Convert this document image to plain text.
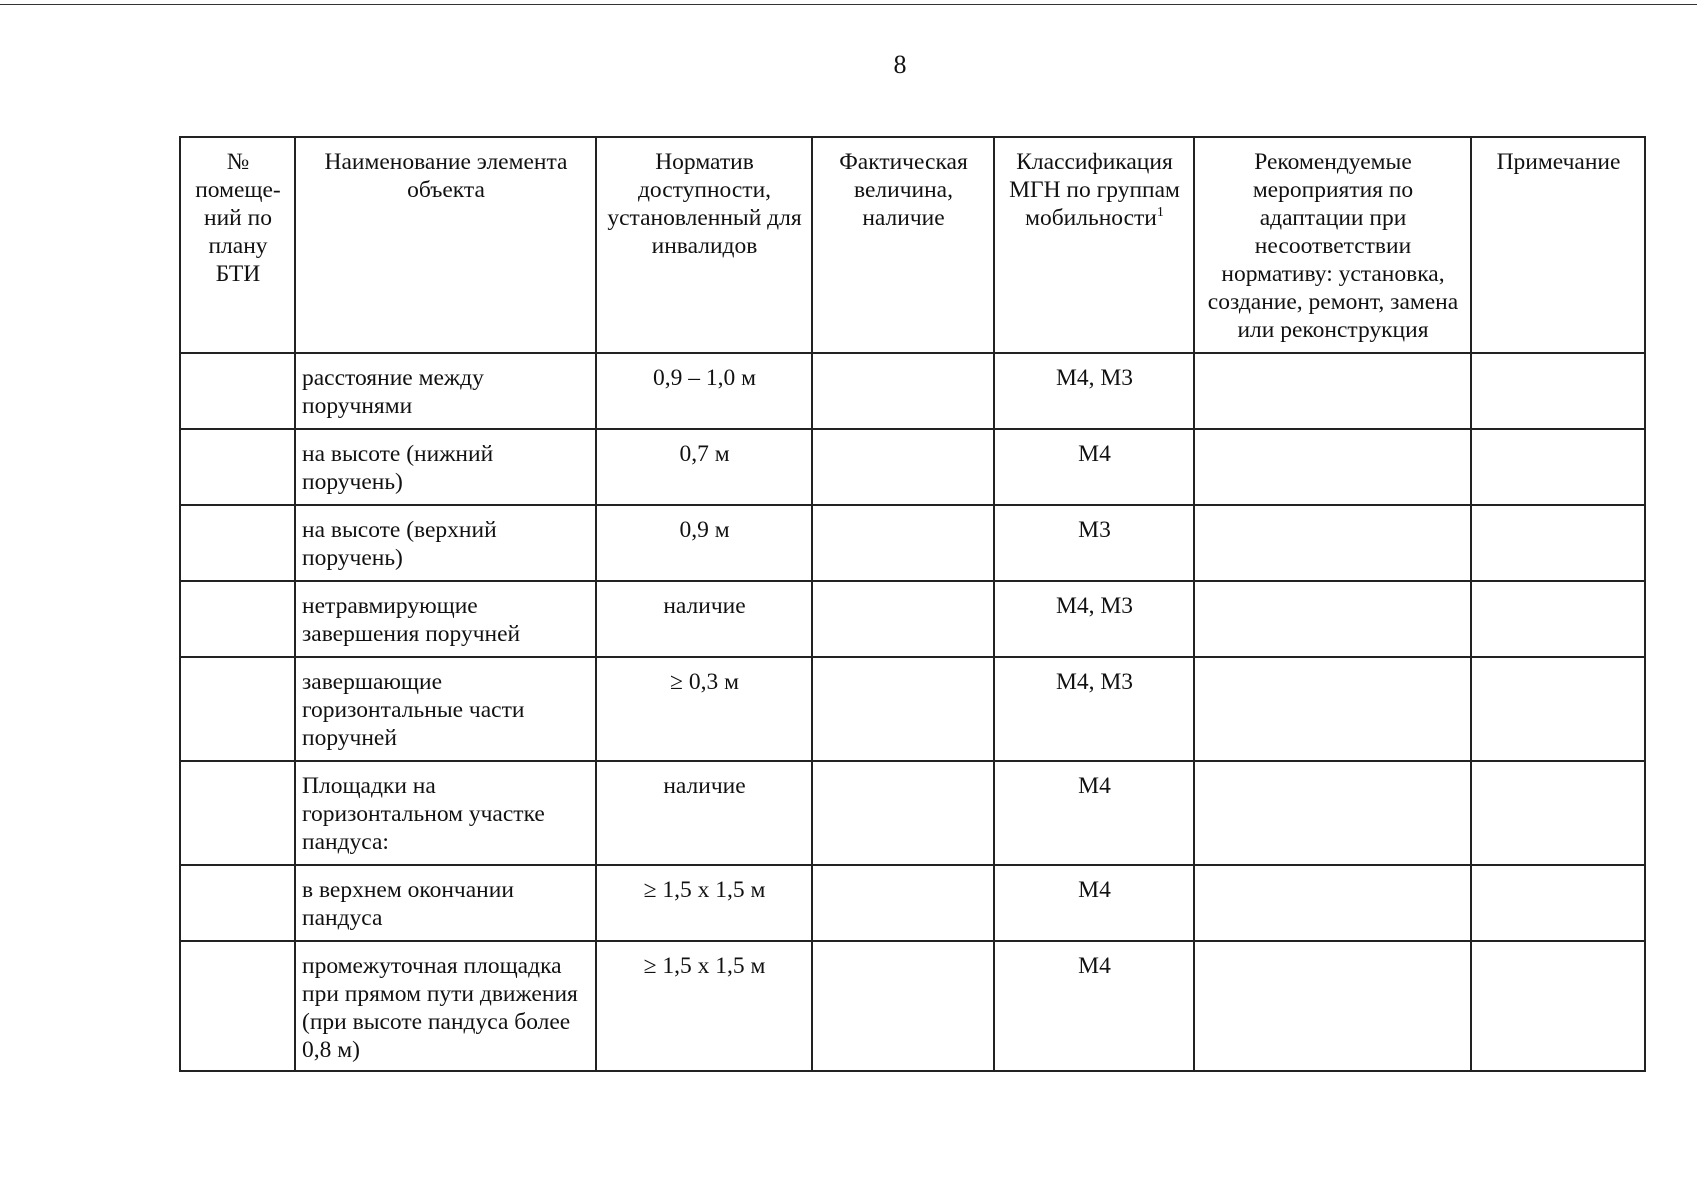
8
№ помеще-ний по плану БТИ	Наименование элемента объекта	Норматив доступности, установленный для инвалидов	Фактическая величина, наличие	Классификация МГН по группам мобильности$^1$	Рекомендуемые мероприятия по адаптации при несоответствии нормативу: установка, создание, ремонт, замена или реконструкция	Примечание
	расстояние между поручнями	0,9 – 1,0 м		М4, М3		
	на высоте (нижний поручень)	0,7 м		М4		
	на высоте (верхний поручень)	0,9 м		М3		
	нетравмирующие завершения поручней	наличие		М4, М3		
	завершающие горизонтальные части поручней	≥ 0,3 м		М4, М3		
	Площадки на горизонтальном участке пандуса:	наличие		М4		
	в верхнем окончании пандуса	≥ 1,5 х 1,5 м		М4		
	промежуточная площадка при прямом пути движения (при высоте пандуса более 0,8 м)	≥ 1,5 х 1,5 м		М4		
